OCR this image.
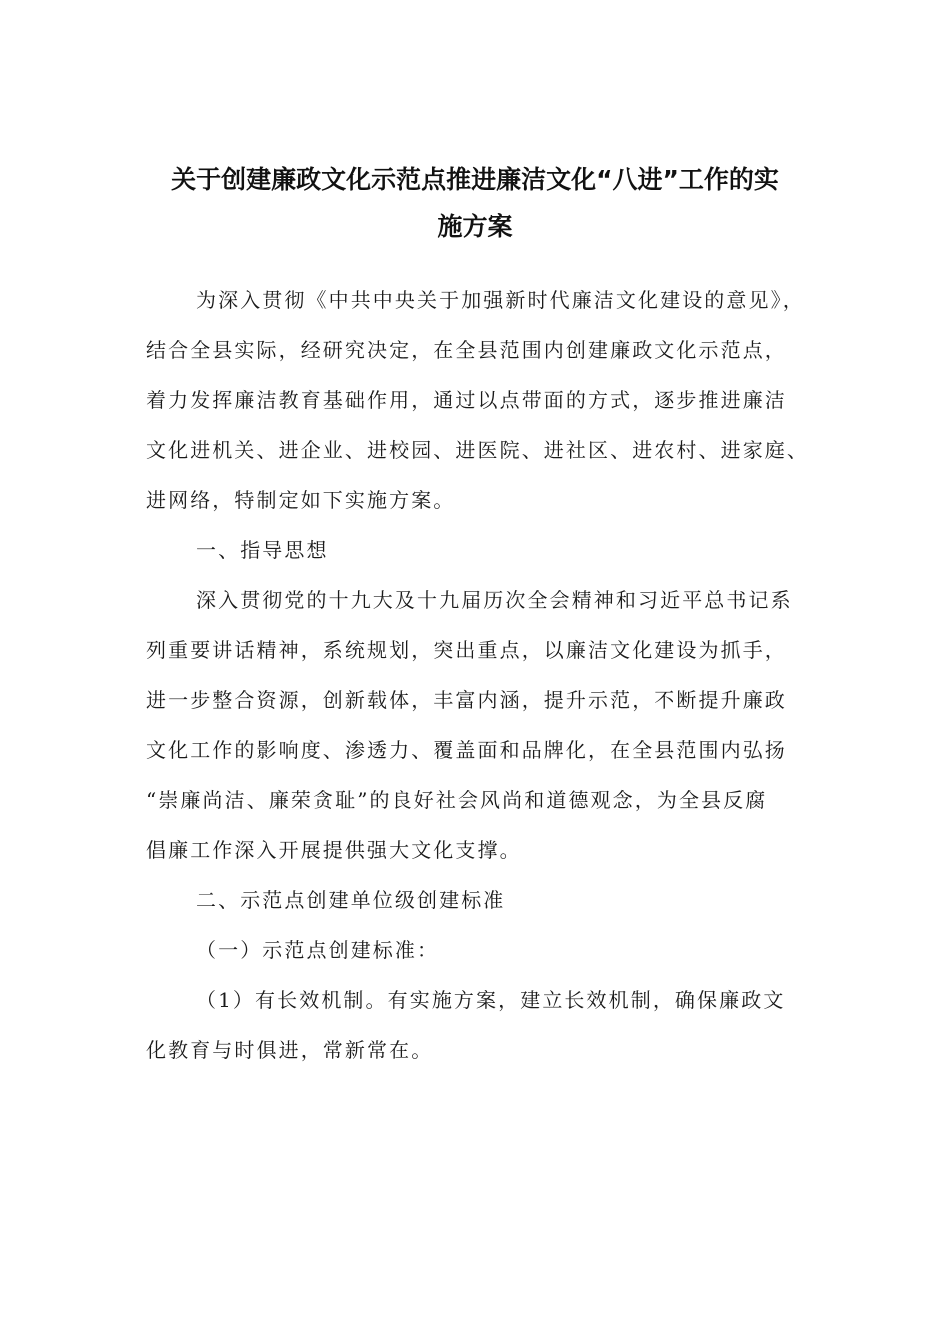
关于创建廉政文化示范点推进廉洁文化“八进”工作的实
施方案

为深入贯彻《中共中央关于加强新时代廉洁文化建设的意见》，

结合全县实际，经研究决定，在全县范围内创建廉政文化示范点，

着力发挥廉洁教育基础作用，通过以点带面的方式，逐步推进廉洁

文化进机关、进企业、进校园、进医院、进社区、进农村、进家庭、

进网络，特制定如下实施方案。

一、指导思想

深入贯彻党的十九大及十九届历次全会精神和习近平总书记系

列重要讲话精神，系统规划，突出重点，以廉洁文化建设为抓手，

进一步整合资源，创新载体，丰富内涵，提升示范，不断提升廉政

文化工作的影响度、渗透力、覆盖面和品牌化，在全县范围内弘扬

“崇廉尚洁、廉荣贪耻”的良好社会风尚和道德观念，为全县反腐

倡廉工作深入开展提供强大文化支撑。

二、示范点创建单位级创建标准

（一）示范点创建标准：

（1）有长效机制。有实施方案，建立长效机制，确保廉政文

化教育与时俱进，常新常在。
